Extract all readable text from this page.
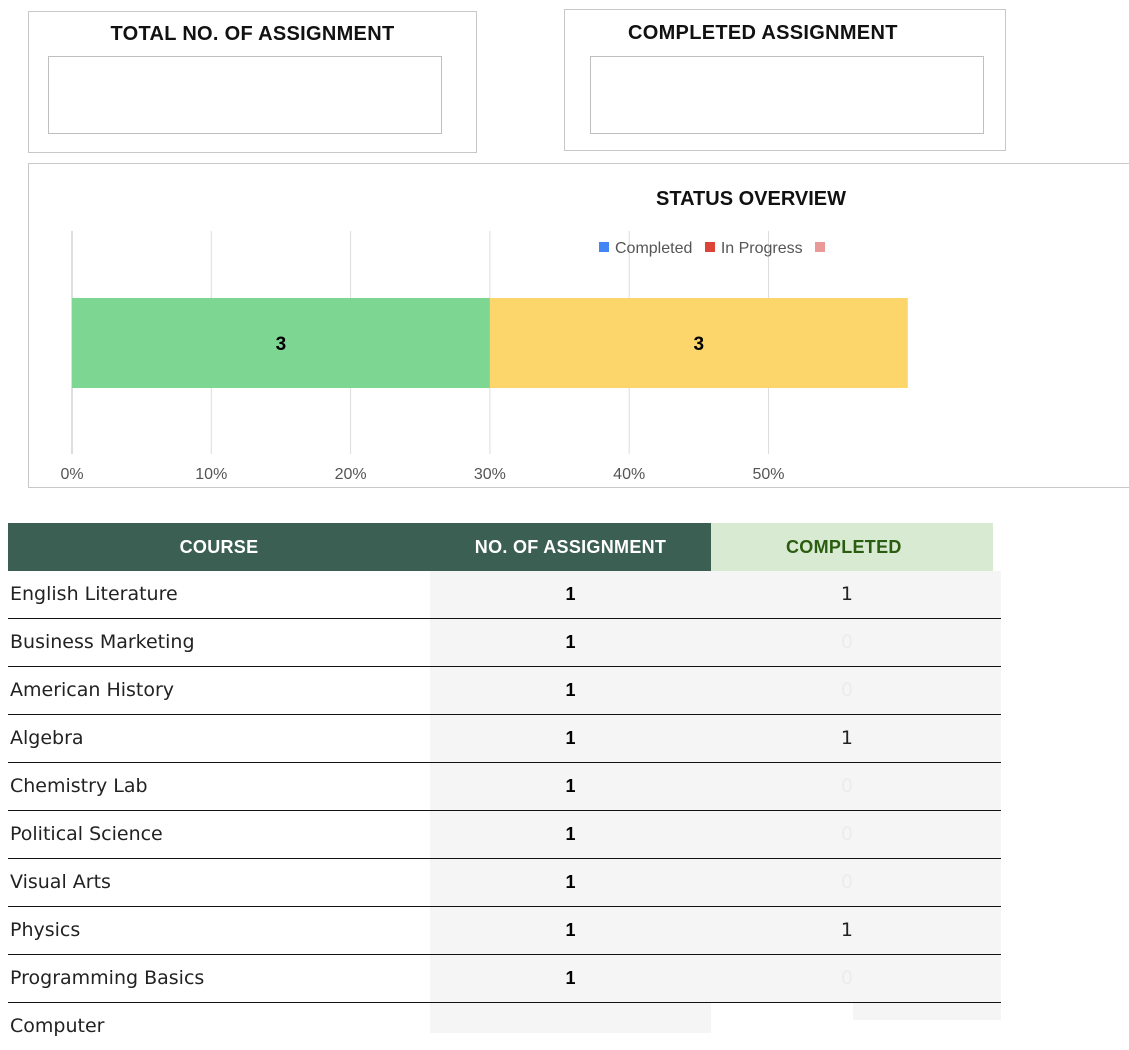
TOTAL NO. OF ASSIGNMENT	COMPLETED ASSIGNMENT
0%	10%	20%	30%	40%	50%
3	3
STATUS OVERVIEW
Completed In Progress
COURSE	NO. OF ASSIGNMENT	COMPLETED
English Literature	1	1
Business Marketing	1	0
American History	1	0
Algebra	1	1
Chemistry Lab	1	0
Political Science	1	0
Visual Arts	1	0
Physics	1	1
Programming Basics	1	0
Computer
